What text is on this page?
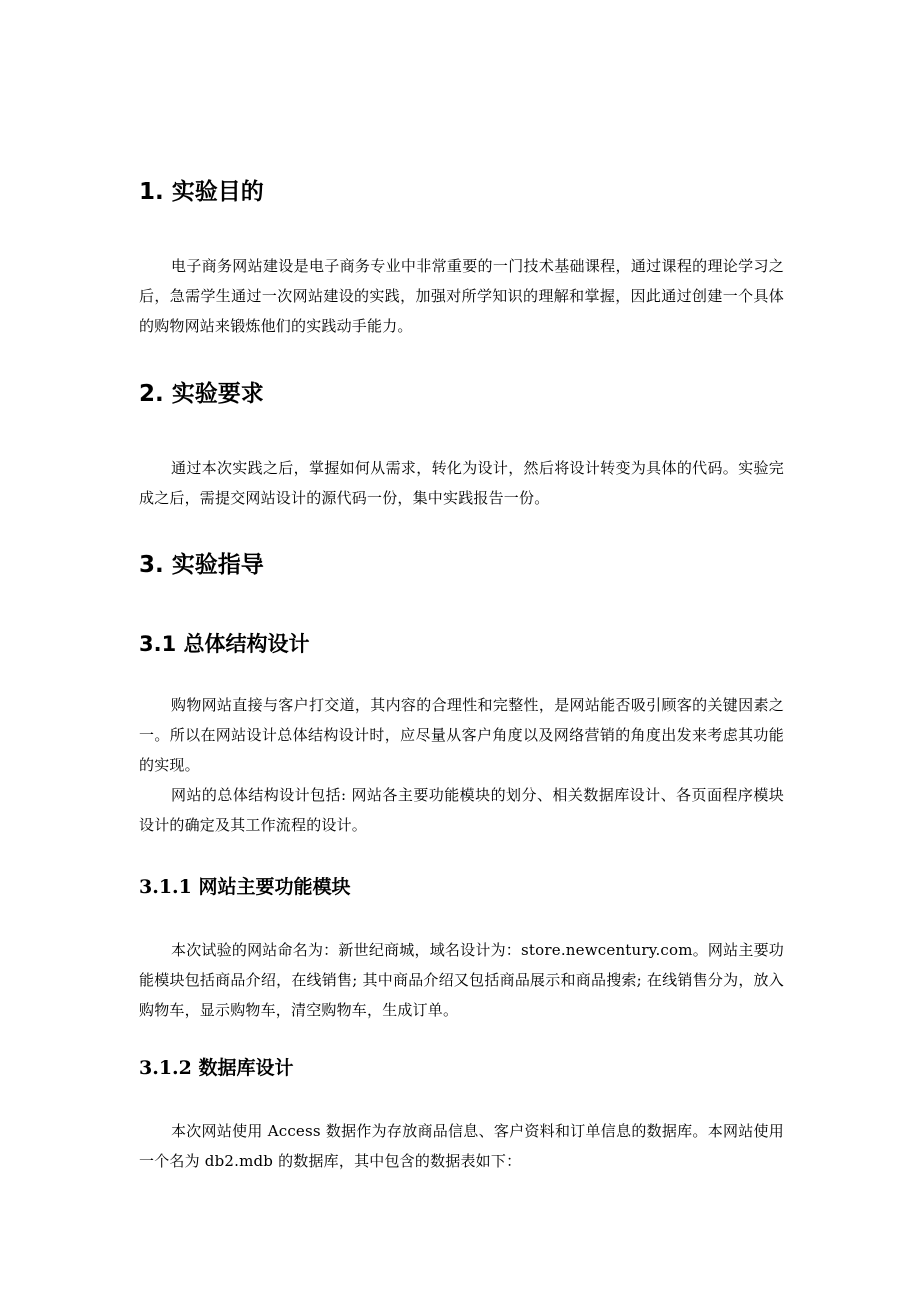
1. 实验目的

电子商务网站建设是电子商务专业中非常重要的一门技术基础课程，通过课程的理论学习之后，急需学生通过一次网站建设的实践，加强对所学知识的理解和掌握，因此通过创建一个具体的购物网站来锻炼他们的实践动手能力。

2. 实验要求

通过本次实践之后，掌握如何从需求，转化为设计，然后将设计转变为具体的代码。实验完成之后，需提交网站设计的源代码一份，集中实践报告一份。

3. 实验指导
3.1 总体结构设计

购物网站直接与客户打交道，其内容的合理性和完整性，是网站能否吸引顾客的关键因素之一。所以在网站设计总体结构设计时，应尽量从客户角度以及网络营销的角度出发来考虑其功能的实现。

网站的总体结构设计包括: 网站各主要功能模块的划分、相关数据库设计、各页面程序模块设计的确定及其工作流程的设计。

3.1.1 网站主要功能模块

本次试验的网站命名为：新世纪商城，域名设计为：store.newcentury.com。网站主要功能模块包括商品介绍，在线销售; 其中商品介绍又包括商品展示和商品搜索; 在线销售分为，放入购物车，显示购物车，清空购物车，生成订单。

3.1.2 数据库设计

本次网站使用 Access 数据作为存放商品信息、客户资料和订单信息的数据库。本网站使用一个名为 db2.mdb 的数据库，其中包含的数据表如下：
